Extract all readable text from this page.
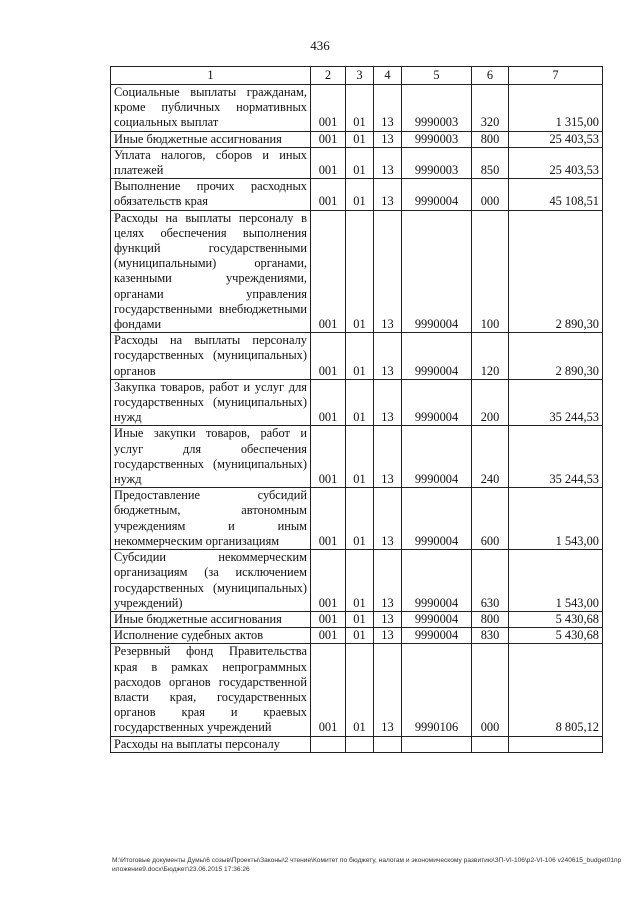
436
1	2	3	4	5	6	7
Социальные выплаты гражданам, кроме публичных нормативных социальных выплат	001	01	13	9990003	320	1 315,00
Иные бюджетные ассигнования	001	01	13	9990003	800	25 403,53
Уплата налогов, сборов и иных платежей	001	01	13	9990003	850	25 403,53
Выполнение прочих расходных обязательств края	001	01	13	9990004	000	45 108,51
Расходы на выплаты персоналу в целях обеспечения выполнения функций государственными (муниципальными) органами, казенными учреждениями, органами управления государственными внебюджетными фондами	001	01	13	9990004	100	2 890,30
Расходы на выплаты персоналу государственных (муниципальных) органов	001	01	13	9990004	120	2 890,30
Закупка товаров, работ и услуг для государственных (муниципальных) нужд	001	01	13	9990004	200	35 244,53
Иные закупки товаров, работ и услуг для обеспечения государственных (муниципальных) нужд	001	01	13	9990004	240	35 244,53
Предоставление субсидий бюджетным, автономным учреждениям и иным некоммерческим организациям	001	01	13	9990004	600	1 543,00
Субсидии некоммерческим организациям (за исключением государственных (муниципальных) учреждений)	001	01	13	9990004	630	1 543,00
Иные бюджетные ассигнования	001	01	13	9990004	800	5 430,68
Исполнение судебных актов	001	01	13	9990004	830	5 430,68
Резервный фонд Правительства края в рамках непрограммных расходов органов государственной власти края, государственных органов края и краевых государственных учреждений	001	01	13	9990106	000	8 805,12
Расходы на выплаты персоналу						
M:\Итоговые документы Думы\6 созыв\Проекты\Законы\2 чтение\Комитет по бюджету, налогам и экономическому развитию\ЗП-VI-106\р2-VI-106 v240615_budget01приложение9.docx\Бюджет\23.06.2015 17:36:26
